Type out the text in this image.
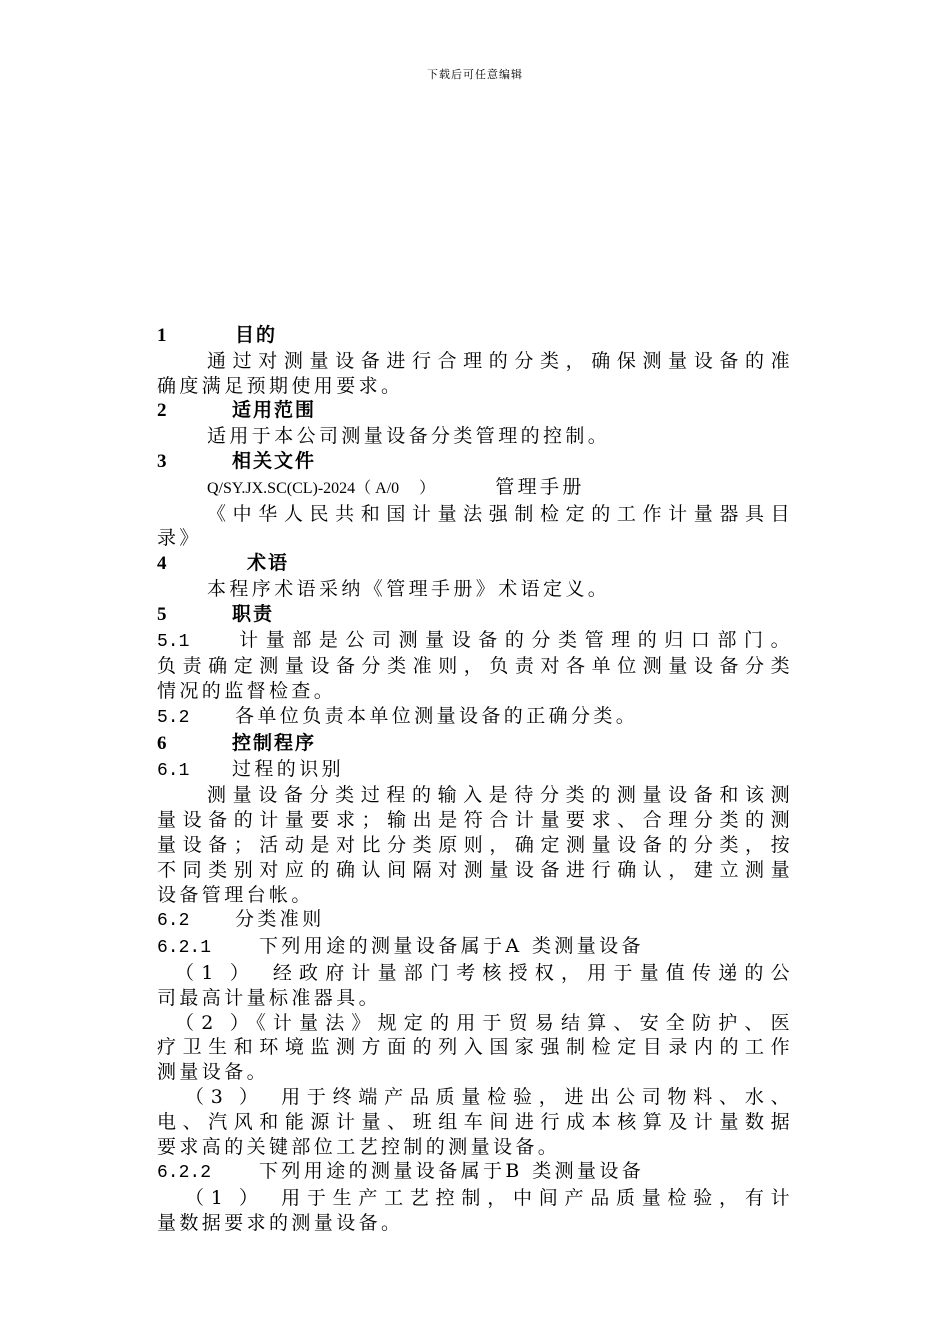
下载后可任意编辑
1	目的
通过对测量设备进行合理的分类，确保测量设备的准
确度满足预期使用要求。
2	适用范围
适用于本公司测量设备分类管理的控制。
3	相关文件
Q/SY.JX.SC(CL)-2024（ A/0 　）	管理手册
《中华人民共和国计量法强制检定的工作计量器具目
录》
4	术语
本程序术语采纳《管理手册》术语定义。
5	职责
5.1 计量部是公司测量设备的分类管理的归口部门。
负责确定测量设备分类准则，负责对各单位测量设备分类
情况的监督检查。
5.2 各单位负责本单位测量设备的正确分类。
6	控制程序
6.1 过程的识别
测量设备分类过程的输入是待分类的测量设备和该测
量设备的计量要求；输出是符合计量要求、合理分类的测
量设备；活动是对比分类原则，确定测量设备的分类，按
不同类别对应的确认间隔对测量设备进行确认，建立测量
设备管理台帐。
6.2 分类准则
6.2.1	下列用途的测量设备属于A 类测量设备
（1 ）　经政府计量部门考核授权，用于量值传递的公
司最高计量标准器具。
（2 ）《计量法》规定的用于贸易结算、安全防护、医
疗卫生和环境监测方面的列入国家强制检定目录内的工作
测量设备。
（3 ）　用于终端产品质量检验，进出公司物料、水、
电、汽风和能源计量、班组车间进行成本核算及计量数据
要求高的关键部位工艺控制的测量设备。
6.2.2	下列用途的测量设备属于B 类测量设备
（1 ）　用于生产工艺控制，中间产品质量检验，有计
量数据要求的测量设备。
